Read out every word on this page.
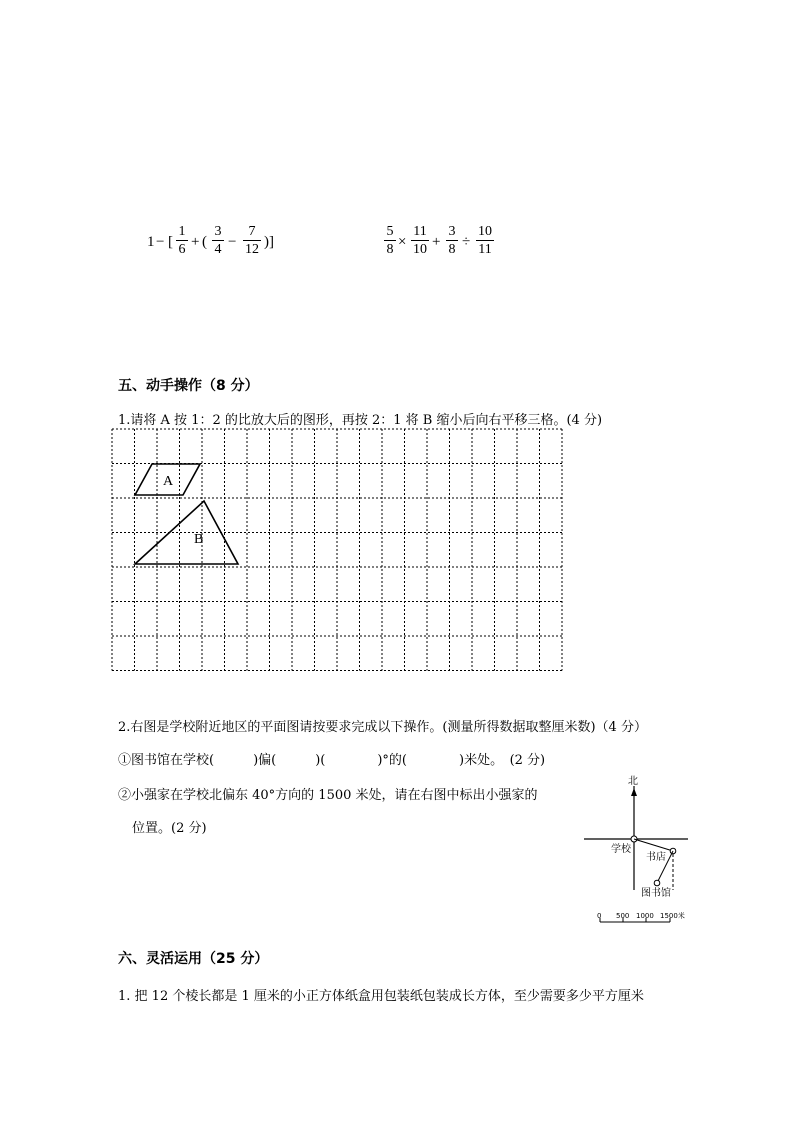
1 − [
1
6 + (
3
4 −
7
12 )]
5
8 ×
11
10 +
3
8 ÷
10
11
五、动手操作（8 分）
1.请将 A 按 1：2 的比放大后的图形，再按 2：1 将 B 缩小后向右平移三格。(4 分)
A
B
2.右图是学校附近地区的平面图请按要求完成以下操作。(测量所得数据取整厘米数)（4 分）
①图书馆在学校(　　　)偏(　　　)(　　　　)°的(　　　　)米处。　(2 分)
②小强家在学校北偏东 40°方向的 1500 米处，请在右图中标出小强家的
位置。(2 分)
北
学校
书店
图书馆
0 500 1000 1500米
六、灵活运用（25 分）
1. 把 12 个棱长都是 1 厘米的小正方体纸盒用包装纸包装成长方体，至少需要多少平方厘米
